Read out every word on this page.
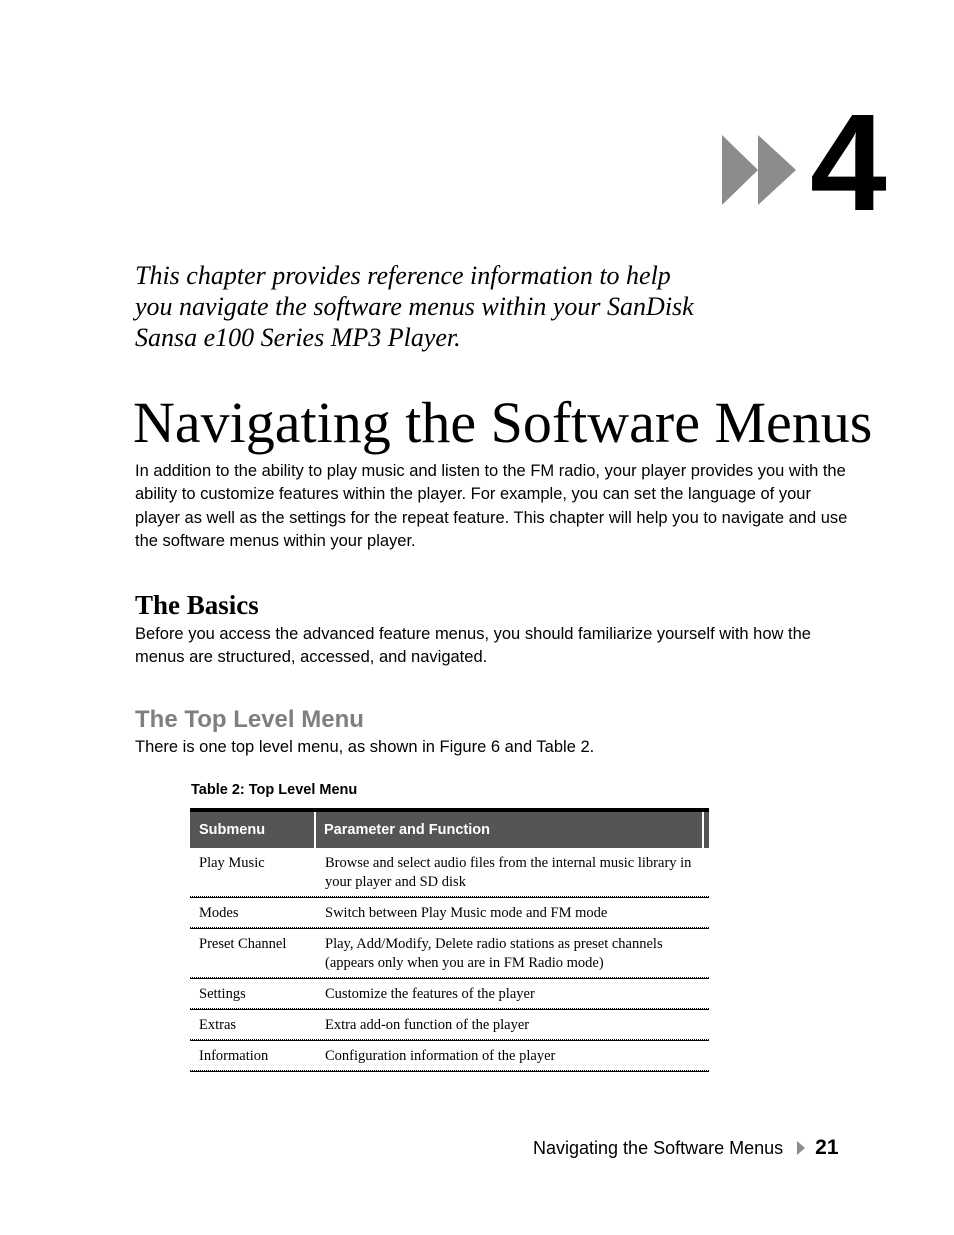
4

This chapter provides reference information to help you navigate the software menus within your SanDisk Sansa e100 Series MP3 Player.

Navigating the Software Menus

In addition to the ability to play music and listen to the FM radio, your player provides you with the ability to customize features within the player. For example, you can set the language of your player as well as the settings for the repeat feature. This chapter will help you to navigate and use the software menus within your player.

The Basics

Before you access the advanced feature menus, you should familiarize yourself with how the menus are structured, accessed, and navigated.

The Top Level Menu

There is one top level menu, as shown in Figure 6 and Table 2.

Table 2: Top Level Menu

Submenu	Parameter and Function
Play Music	Browse and select audio files from the internal music library in your player and SD disk
Modes	Switch between Play Music mode and FM mode
Preset Channel	Play, Add/Modify, Delete radio stations as preset channels (appears only when you are in FM Radio mode)
Settings	Customize the features of the player
Extras	Extra add-on function of the player
Information	Configuration information of the player
Navigating the Software Menus 21
